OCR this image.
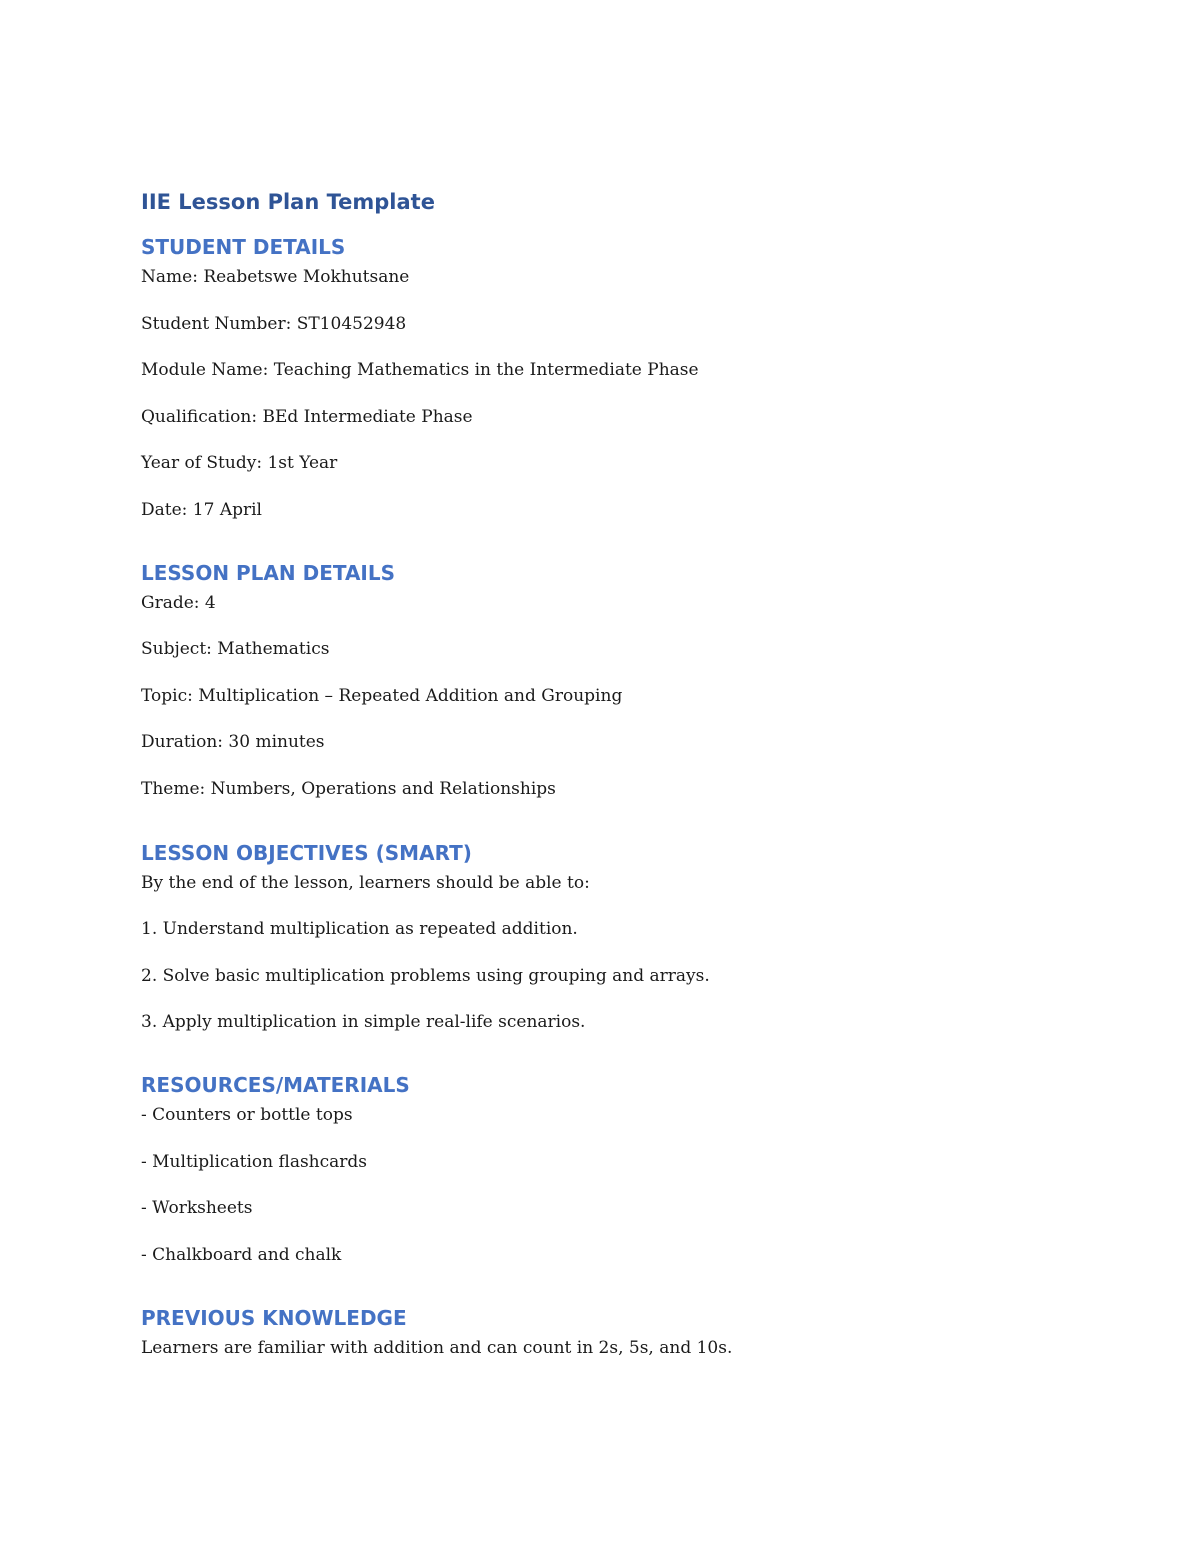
IIE Lesson Plan Template
STUDENT DETAILS

Name: Reabetswe Mokhutsane

Student Number: ST10452948

Module Name: Teaching Mathematics in the Intermediate Phase

Qualification: BEd Intermediate Phase

Year of Study: 1st Year

Date: 17 April

LESSON PLAN DETAILS

Grade: 4

Subject: Mathematics

Topic: Multiplication – Repeated Addition and Grouping

Duration: 30 minutes

Theme: Numbers, Operations and Relationships

LESSON OBJECTIVES (SMART)

By the end of the lesson, learners should be able to:

1. Understand multiplication as repeated addition.

2. Solve basic multiplication problems using grouping and arrays.

3. Apply multiplication in simple real-life scenarios.

RESOURCES/MATERIALS

- Counters or bottle tops

- Multiplication flashcards

- Worksheets

- Chalkboard and chalk

PREVIOUS KNOWLEDGE

Learners are familiar with addition and can count in 2s, 5s, and 10s.
